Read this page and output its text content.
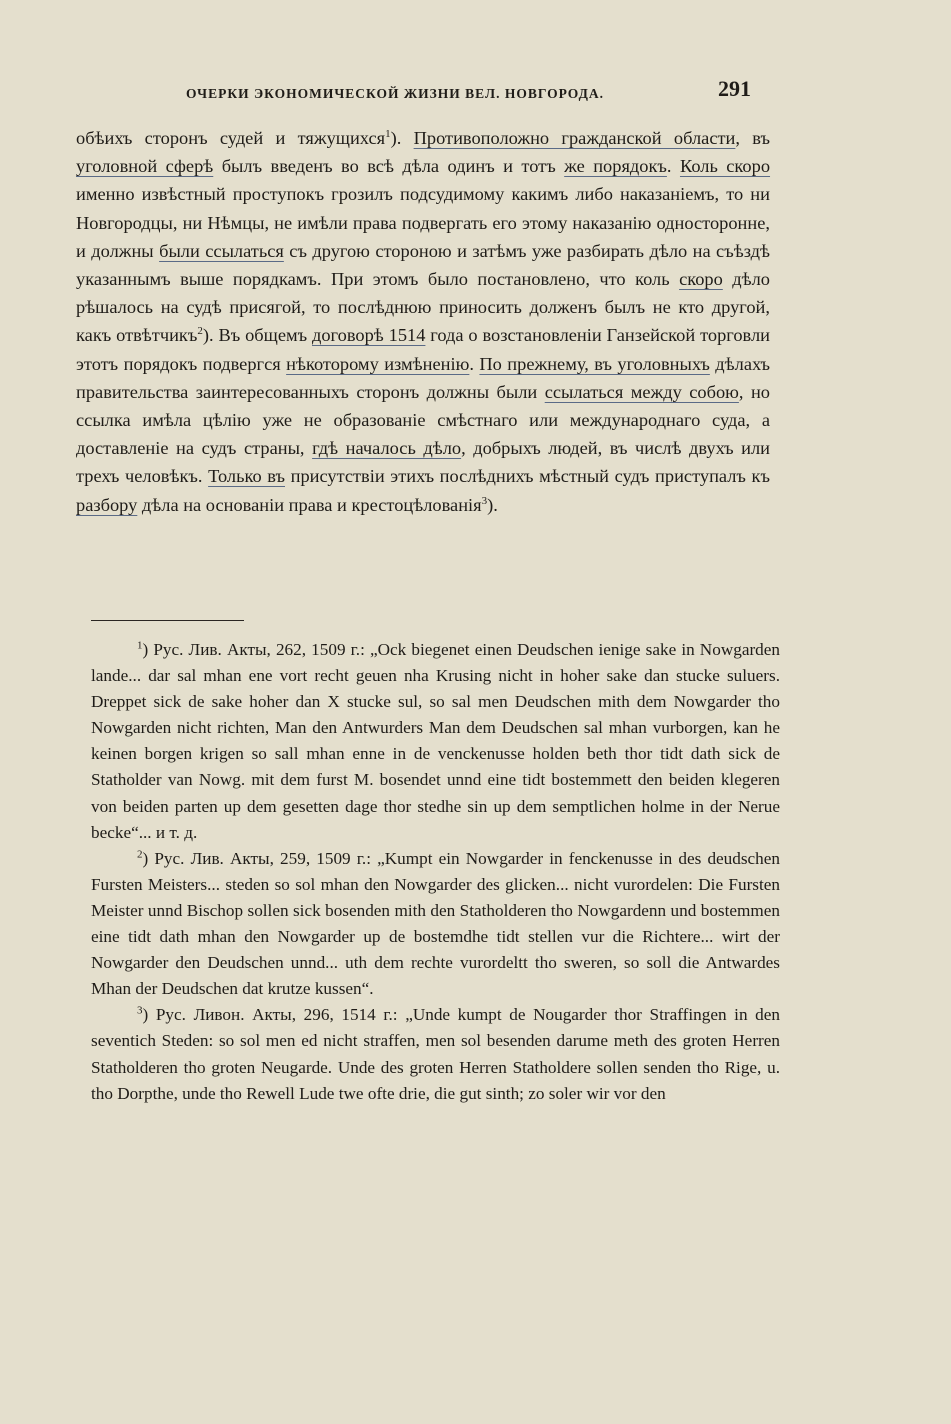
ОЧЕРКИ ЭКОНОМИЧЕСКОЙ ЖИЗНИ ВЕЛ. НОВГОРОДА.	291
обѣихъ сторонъ судей и тяжущихся$^1$). Противоположно гражданской области, въ уголовной сферѣ былъ введенъ во всѣ дѣла одинъ и тотъ же порядокъ. Коль скоро именно извѣстный проступокъ грозилъ подсудимому какимъ либо наказаніемъ, то ни Новгородцы, ни Нѣмцы, не имѣли права подвергать его этому наказанію односторонне, и должны были ссылаться съ другою стороною и затѣмъ уже разбирать дѣло на съѣздѣ указаннымъ выше порядкамъ. При этомъ было постановлено, что коль скоро дѣло рѣшалось на судѣ присягой, то послѣднюю приносить долженъ былъ не кто другой, какъ отвѣтчикъ$^2$). Въ общемъ договорѣ 1514 года о возстановленіи Ганзейской торговли этотъ порядокъ подвергся нѣкоторому измѣненію. По прежнему, въ уголовныхъ дѣлахъ правительства заинтересованныхъ сторонъ должны были ссылаться между собою, но ссылка имѣла цѣлію уже не образованіе смѣстнаго или международнаго суда, а доставленіе на судъ страны, гдѣ началось дѣло, добрыхъ людей, въ числѣ двухъ или трехъ человѣкъ. Только въ присутствіи этихъ послѣднихъ мѣстный судъ приступалъ къ разбору дѣла на основаніи права и крестоцѣлованія$^3$).

$^1$) Рус. Лив. Акты, 262, 1509 г.: „Ock biegenet einen Deudschen ienige sake in Nowgarden lande... dar sal mhan ene vort recht geuen nha Krusing nicht in hoher sake dan stucke suluers. Dreppet sick de sake hoher dan X stucke sul, so sal men Deudschen mith dem Nowgarder tho Nowgarden nicht richten, Man den Antwurders Man dem Deudschen sal mhan vurborgen, kan he keinen borgen krigen so sall mhan enne in de venckenusse holden beth thor tidt dath sick de Statholder van Nowg. mit dem furst M. bosendet unnd eine tidt bostemmett den beiden klegeren von beiden parten up dem gesetten dage thor stedhe sin up dem semptlichen holme in der Nerue becke“... и т. д.

$^2$) Рус. Лив. Акты, 259, 1509 г.: „Kumpt ein Nowgarder in fenckenusse in des deudschen Fursten Meisters... steden so sol mhan den Nowgarder des glicken... nicht vurordelen: Die Fursten Meister unnd Bischop sollen sick bosenden mith den Statholderen tho Nowgardenn und bostemmen eine tidt dath mhan den Nowgarder up de bostemdhe tidt stellen vur die Richtere... wirt der Nowgarder den Deudschen unnd... uth dem rechte vurordeltt tho sweren, so soll die Antwardes Mhan der Deudschen dat krutze kussen“.

$^3$) Рус. Ливон. Акты, 296, 1514 г.: „Unde kumpt de Nougarder thor Straffingen in den seventich Steden: so sol men ed nicht straffen, men sol besenden darume meth des groten Herren Statholderen tho groten Neugarde. Unde des groten Herren Statholdere sollen senden tho Rige, u. tho Dorpthe, unde tho Rewell Lude twe ofte drie, die gut sinth; zo soler wir vor den
